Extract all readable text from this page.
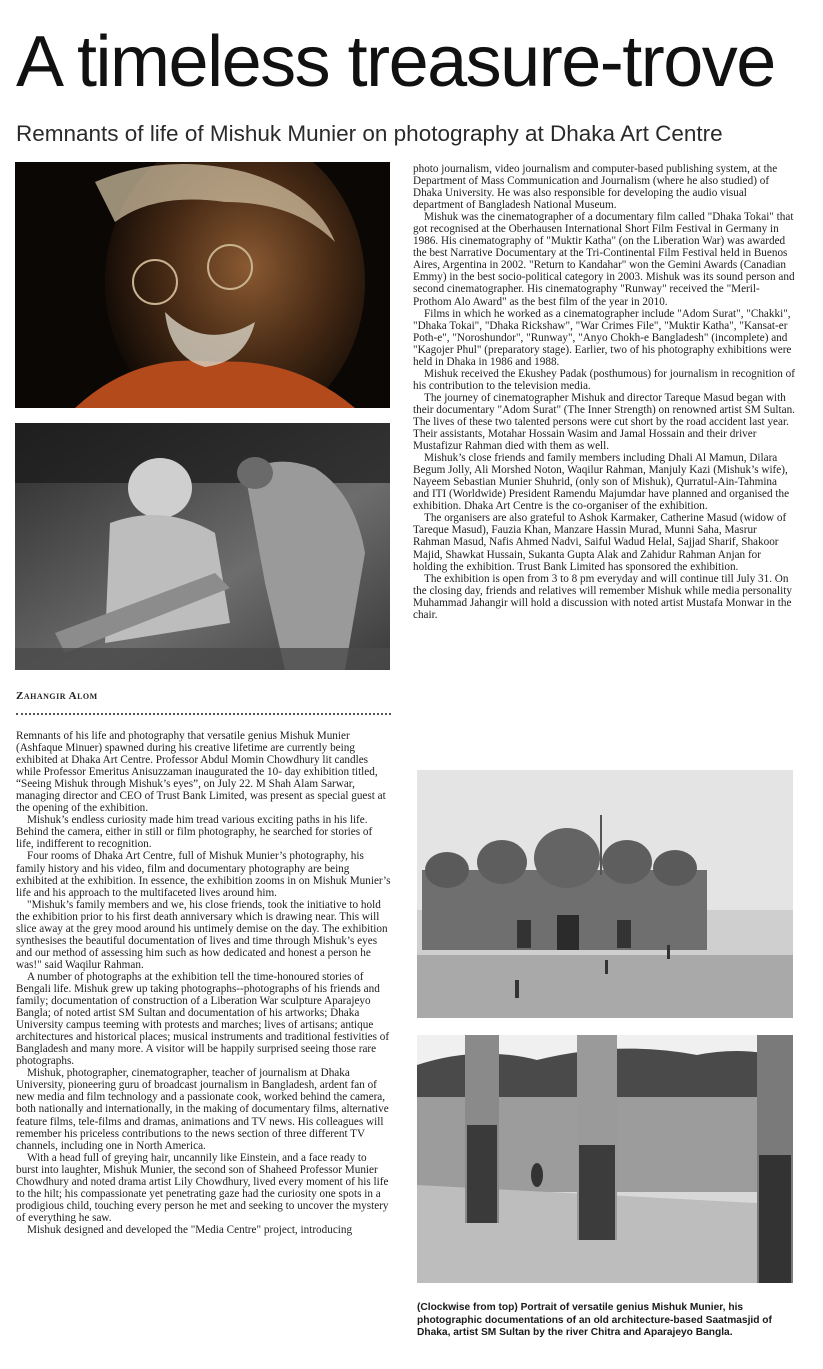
A timeless treasure-trove
Remnants of life of Mishuk Munier on photography at Dhaka Art Centre
Zahangir Alom

Remnants of his life and photography that versatile genius Mishuk Munier (Ashfaque Minuer) spawned during his creative lifetime are currently being exhibited at Dhaka Art Centre. Professor Abdul Momin Chowdhury lit candles while Professor Emeritus Anisuzzaman inaugurated the 10- day exhibition titled, “Seeing Mishuk through Mishuk’s eyes”, on July 22. M Shah Alam Sarwar, managing director and CEO of Trust Bank Limited, was present as special guest at the opening of the exhibition.

Mishuk’s endless curiosity made him tread various exciting paths in his life. Behind the camera, either in still or film photography, he searched for stories of life, indifferent to recognition.

Four rooms of Dhaka Art Centre, full of Mishuk Munier’s photography, his family history and his video, film and documentary photography are being exhibited at the exhibition. In essence, the exhibition zooms in on Mishuk Munier’s life and his approach to the multifaceted lives around him.

"Mishuk’s family members and we, his close friends, took the initiative to hold the exhibition prior to his first death anniversary which is drawing near. This will slice away at the grey mood around his untimely demise on the day. The exhibition synthesises the beautiful documentation of lives and time through Mishuk’s eyes and our method of assessing him such as how dedicated and honest a person he was!" said Waqilur Rahman.

A number of photographs at the exhibition tell the time-honoured stories of Bengali life. Mishuk grew up taking photographs--photographs of his friends and family; documentation of construction of a Liberation War sculpture Aparajeyo Bangla; of noted artist SM Sultan and documentation of his artworks; Dhaka University campus teeming with protests and marches; lives of artisans; antique architectures and historical places; musical instruments and traditional festivities of Bangladesh and many more. A visitor will be happily surprised seeing those rare photographs.

Mishuk, photographer, cinematographer, teacher of journalism at Dhaka University, pioneering guru of broadcast journalism in Bangladesh, ardent fan of new media and film technology and a passionate cook, worked behind the camera, both nationally and internationally, in the making of documentary films, alternative feature films, tele-films and dramas, animations and TV news. His colleagues will remember his priceless contributions to the news section of three different TV channels, including one in North America.

With a head full of greying hair, uncannily like Einstein, and a face ready to burst into laughter, Mishuk Munier, the second son of Shaheed Professor Munier Chowdhury and noted drama artist Lily Chowdhury, lived every moment of his life to the hilt; his compassionate yet penetrating gaze had the curiosity one spots in a prodigious child, touching every person he met and seeking to uncover the mystery of everything he saw.

Mishuk designed and developed the "Media Centre" project, introducing

photo journalism, video journalism and computer-based publishing system, at the Department of Mass Communication and Journalism (where he also studied) of Dhaka University. He was also responsible for developing the audio visual department of Bangladesh National Museum.

Mishuk was the cinematographer of a documentary film called "Dhaka Tokai" that got recognised at the Oberhausen International Short Film Festival in Germany in 1986. His cinematography of "Muktir Katha" (on the Liberation War) was awarded the best Narrative Documentary at the Tri-Continental Film Festival held in Buenos Aires, Argentina in 2002. "Return to Kandahar" won the Gemini Awards (Canadian Emmy) in the best socio-political category in 2003. Mishuk was its sound person and second cinematographer. His cinematography "Runway" received the "Meril-Prothom Alo Award" as the best film of the year in 2010.

Films in which he worked as a cinematographer include "Adom Surat", "Chakki", "Dhaka Tokai", "Dhaka Rickshaw", "War Crimes File", "Muktir Katha", "Kansat-er Poth-e", "Noroshundor", "Runway", "Anyo Chokh-e Bangladesh" (incomplete) and "Kagojer Phul" (preparatory stage). Earlier, two of his photography exhibitions were held in Dhaka in 1986 and 1988.

Mishuk received the Ekushey Padak (posthumous) for journalism in recognition of his contribution to the television media.

The journey of cinematographer Mishuk and director Tareque Masud began with their documentary "Adom Surat" (The Inner Strength) on renowned artist SM Sultan. The lives of these two talented persons were cut short by the road accident last year. Their assistants, Motahar Hossain Wasim and Jamal Hossain and their driver Mustafizur Rahman died with them as well.

Mishuk’s close friends and family members including Dhali Al Mamun, Dilara Begum Jolly, Ali Morshed Noton, Waqilur Rahman, Manjuly Kazi (Mishuk’s wife), Nayeem Sebastian Munier Shuhrid, (only son of Mishuk), Qurratul-Ain-Tahmina and ITI (Worldwide) President Ramendu Majumdar have planned and organised the exhibition. Dhaka Art Centre is the co-organiser of the exhibition.

The organisers are also grateful to Ashok Karmaker, Catherine Masud (widow of Tareque Masud), Fauzia Khan, Manzare Hassin Murad, Munni Saha, Masrur Rahman Masud, Nafis Ahmed Nadvi, Saiful Wadud Helal, Sajjad Sharif, Shakoor Majid, Shawkat Hussain, Sukanta Gupta Alak and Zahidur Rahman Anjan for holding the exhibition. Trust Bank Limited has sponsored the exhibition.

The exhibition is open from 3 to 8 pm everyday and will continue till July 31. On the closing day, friends and relatives will remember Mishuk while media personality Muhammad Jahangir will hold a discussion with noted artist Mustafa Monwar in the chair.

(Clockwise from top) Portrait of versatile genius Mishuk Munier, his photographic documentations of an old architecture-based Saatmasjid of Dhaka, artist SM Sultan by the river Chitra and Aparajeyo Bangla.
